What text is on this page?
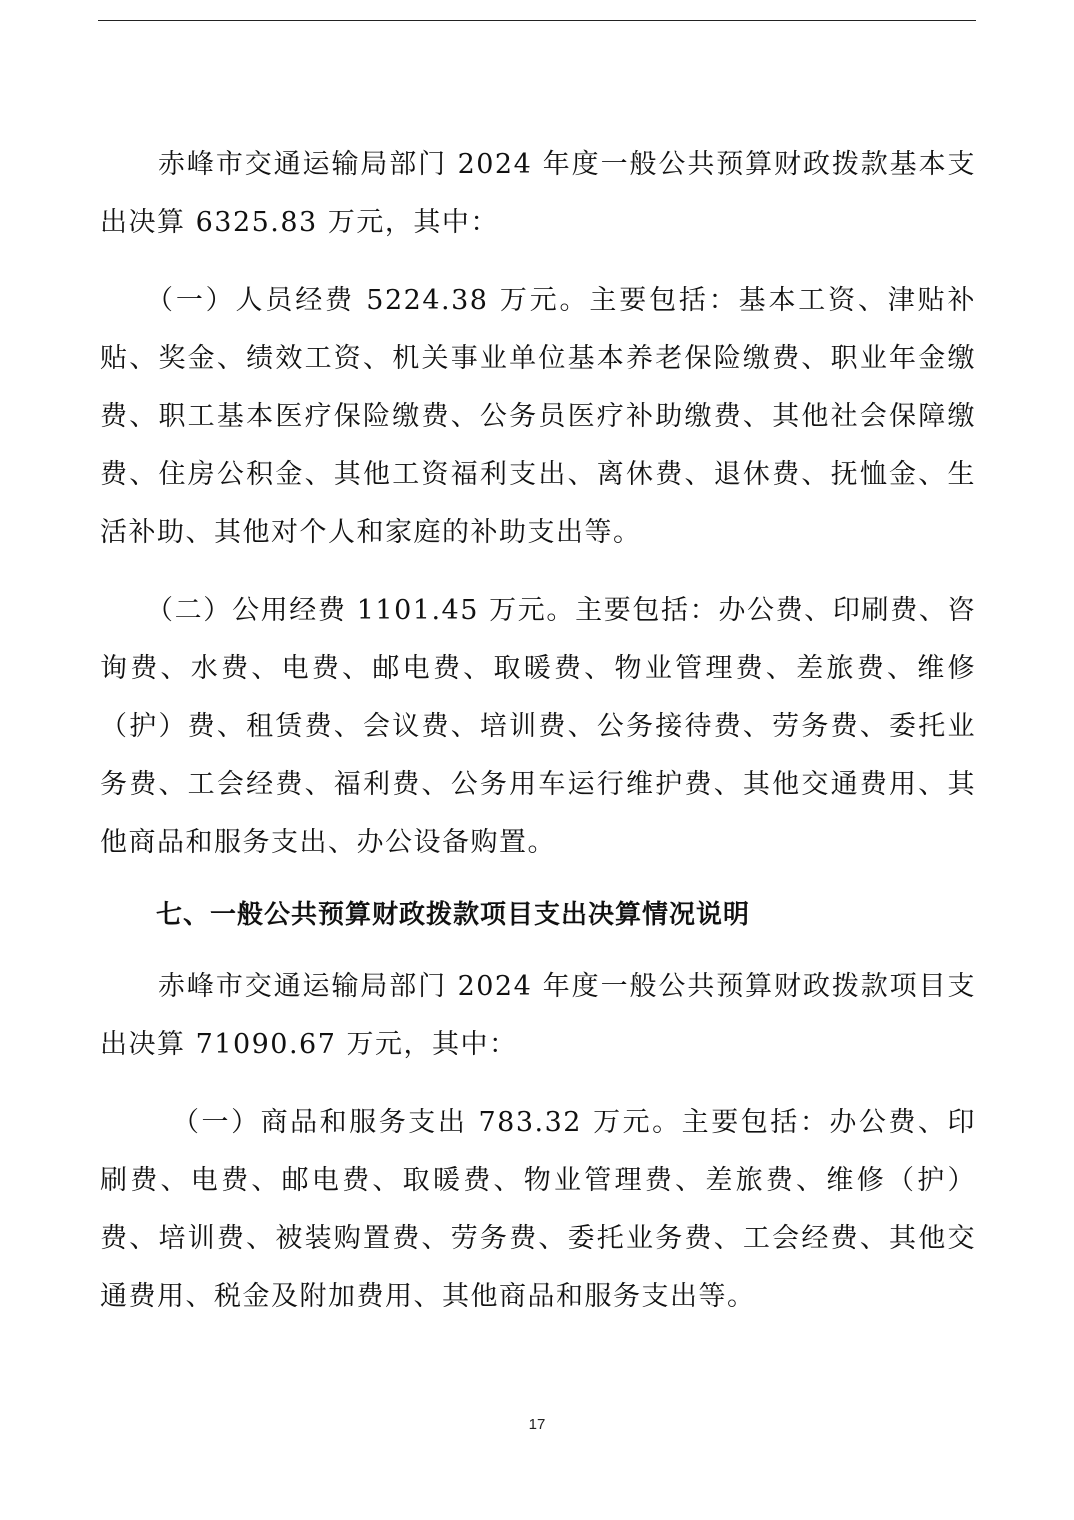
赤峰市交通运输局部门 2024 年度一般公共预算财政拨款基本支出决算 6325.83 万元，其中：

（一）人员经费 5224.38 万元。主要包括：基本工资、津贴补贴、奖金、绩效工资、机关事业单位基本养老保险缴费、职业年金缴费、职工基本医疗保险缴费、公务员医疗补助缴费、其他社会保障缴费、住房公积金、其他工资福利支出、离休费、退休费、抚恤金、生活补助、其他对个人和家庭的补助支出等。

（二）公用经费 1101.45 万元。主要包括：办公费、印刷费、咨询费、水费、电费、邮电费、取暖费、物业管理费、差旅费、维修（护）费、租赁费、会议费、培训费、公务接待费、劳务费、委托业务费、工会经费、福利费、公务用车运行维护费、其他交通费用、其他商品和服务支出、办公设备购置。

七、一般公共预算财政拨款项目支出决算情况说明

赤峰市交通运输局部门 2024 年度一般公共预算财政拨款项目支出决算 71090.67 万元，其中：

（一）商品和服务支出 783.32 万元。主要包括：办公费、印刷费、电费、邮电费、取暖费、物业管理费、差旅费、维修（护）费、培训费、被装购置费、劳务费、委托业务费、工会经费、其他交通费用、税金及附加费用、其他商品和服务支出等。

17
